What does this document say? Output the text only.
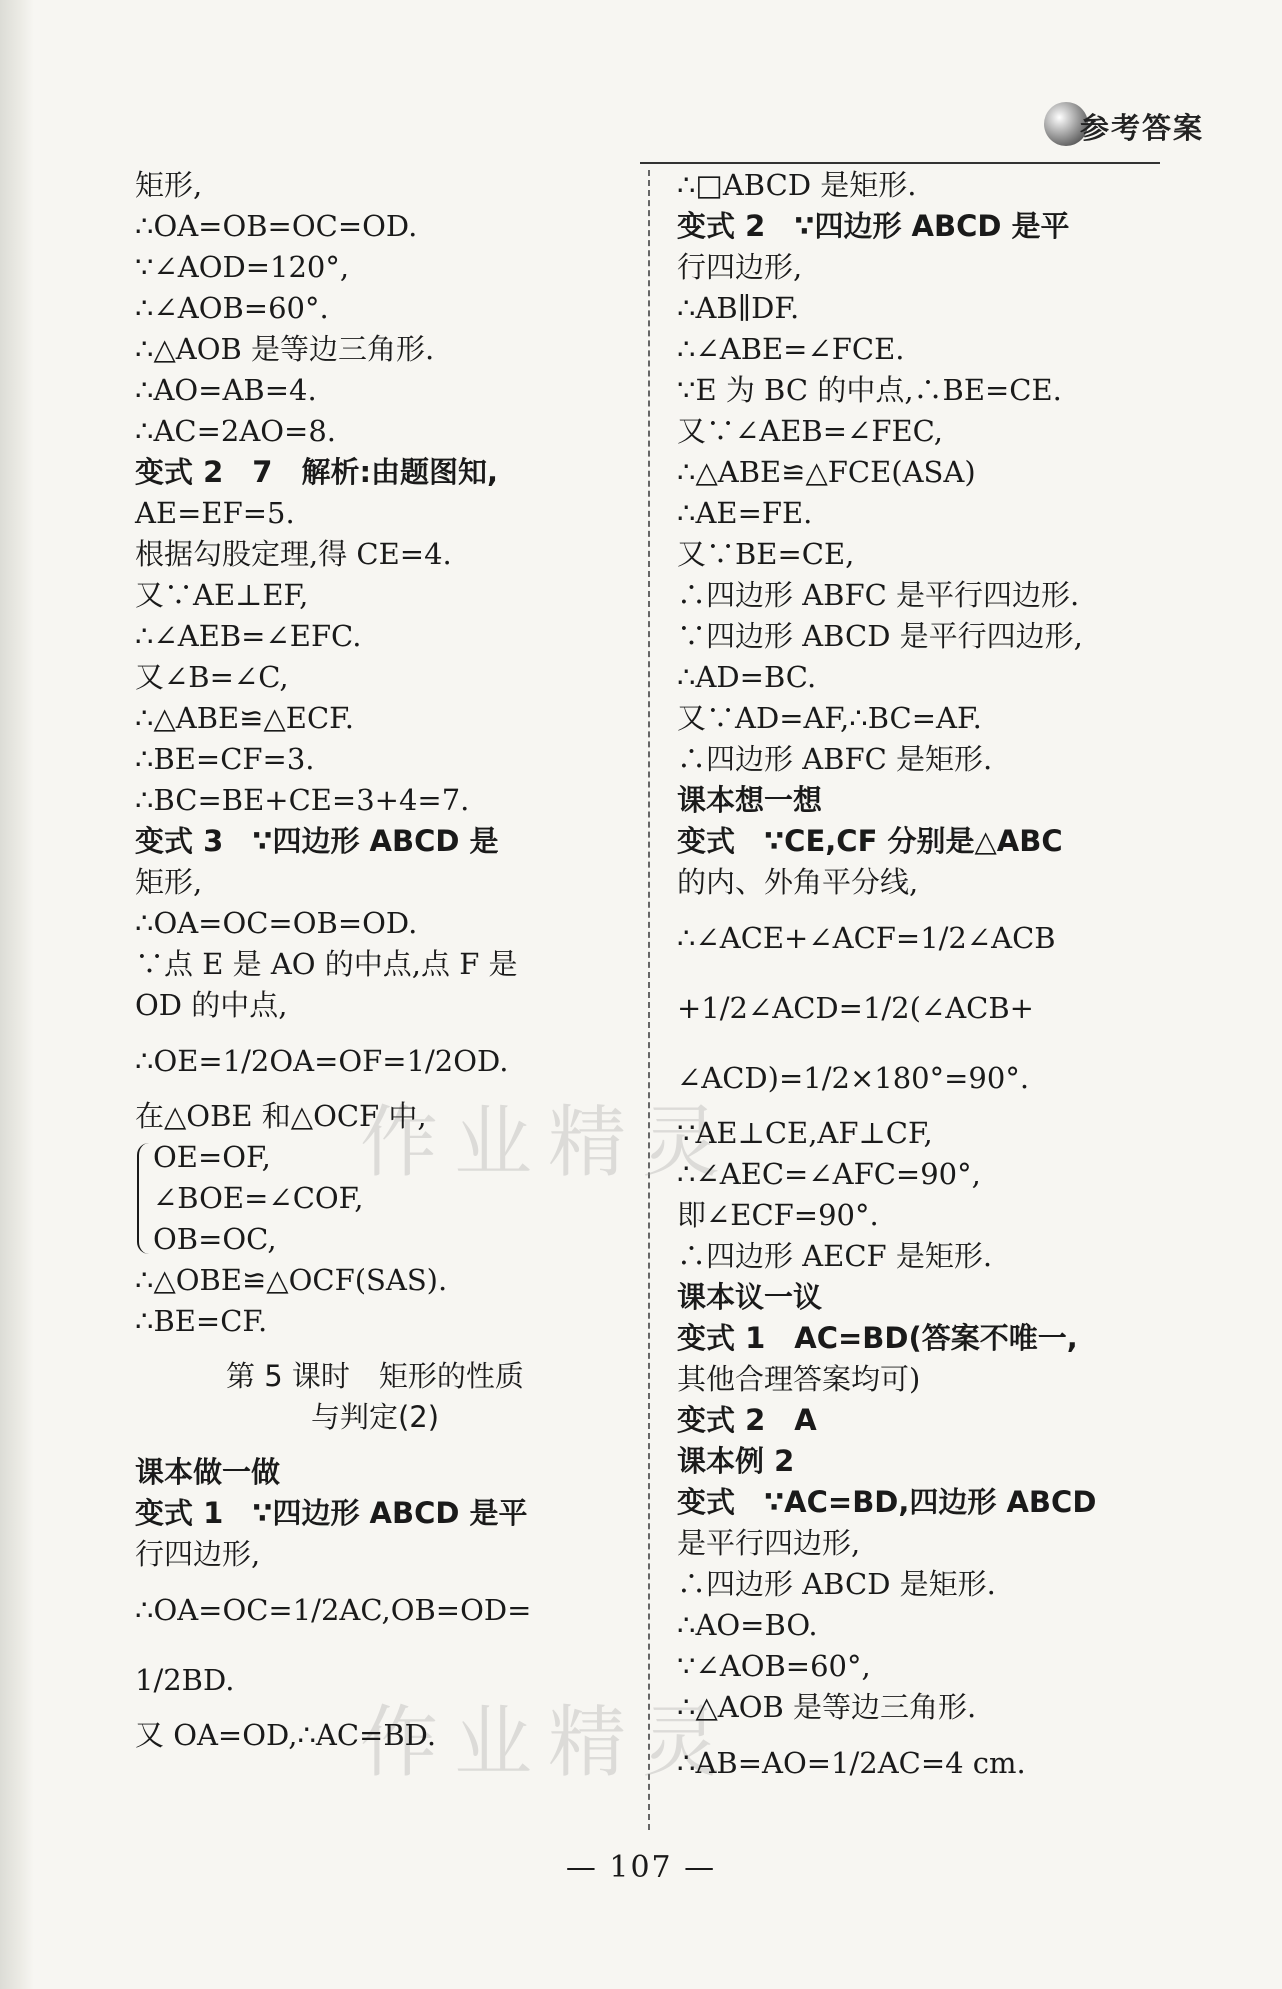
参考答案
作业精灵
作业精灵
矩形,
∴OA=OB=OC=OD.
∵∠AOD=120°,
∴∠AOB=60°.
∴△AOB 是等边三角形.
∴AO=AB=4.
∴AC=2AO=8.
变式 2　7　解析:由题图知,
AE=EF=5.
根据勾股定理,得 CE=4.
又∵AE⊥EF,
∴∠AEB=∠EFC.
又∠B=∠C,
∴△ABE≌△ECF.
∴BE=CF=3.
∴BC=BE+CE=3+4=7.
变式 3　∵四边形 ABCD 是
矩形,
∴OA=OC=OB=OD.
∵点 E 是 AO 的中点,点 F 是
OD 的中点,
∴OE=1/2OA=OF=1/2OD.
在△OBE 和△OCF 中,
OE=OF,
∠BOE=∠COF,
OB=OC,
∴△OBE≌△OCF(SAS).
∴BE=CF.
第 5 课时　矩形的性质
与判定(2)
课本做一做
变式 1　∵四边形 ABCD 是平
行四边形,
∴OA=OC=1/2AC,OB=OD=
1/2BD.
又 OA=OD,∴AC=BD.
∴□ABCD 是矩形.
变式 2　∵四边形 ABCD 是平
行四边形,
∴AB∥DF.
∴∠ABE=∠FCE.
∵E 为 BC 的中点,∴BE=CE.
又∵∠AEB=∠FEC,
∴△ABE≌△FCE(ASA)
∴AE=FE.
又∵BE=CE,
∴四边形 ABFC 是平行四边形.
∵四边形 ABCD 是平行四边形,
∴AD=BC.
又∵AD=AF,∴BC=AF.
∴四边形 ABFC 是矩形.
课本想一想
变式　∵CE,CF 分别是△ABC
的内、外角平分线,
∴∠ACE+∠ACF=1/2∠ACB
+1/2∠ACD=1/2(∠ACB+
∠ACD)=1/2×180°=90°.
∵AE⊥CE,AF⊥CF,
∴∠AEC=∠AFC=90°,
即∠ECF=90°.
∴四边形 AECF 是矩形.
课本议一议
变式 1　AC=BD(答案不唯一,
其他合理答案均可)
变式 2　A
课本例 2
变式　∵AC=BD,四边形 ABCD
是平行四边形,
∴四边形 ABCD 是矩形.
∴AO=BO.
∵∠AOB=60°,
∴△AOB 是等边三角形.
∴AB=AO=1/2AC=4 cm.
— 107 —
